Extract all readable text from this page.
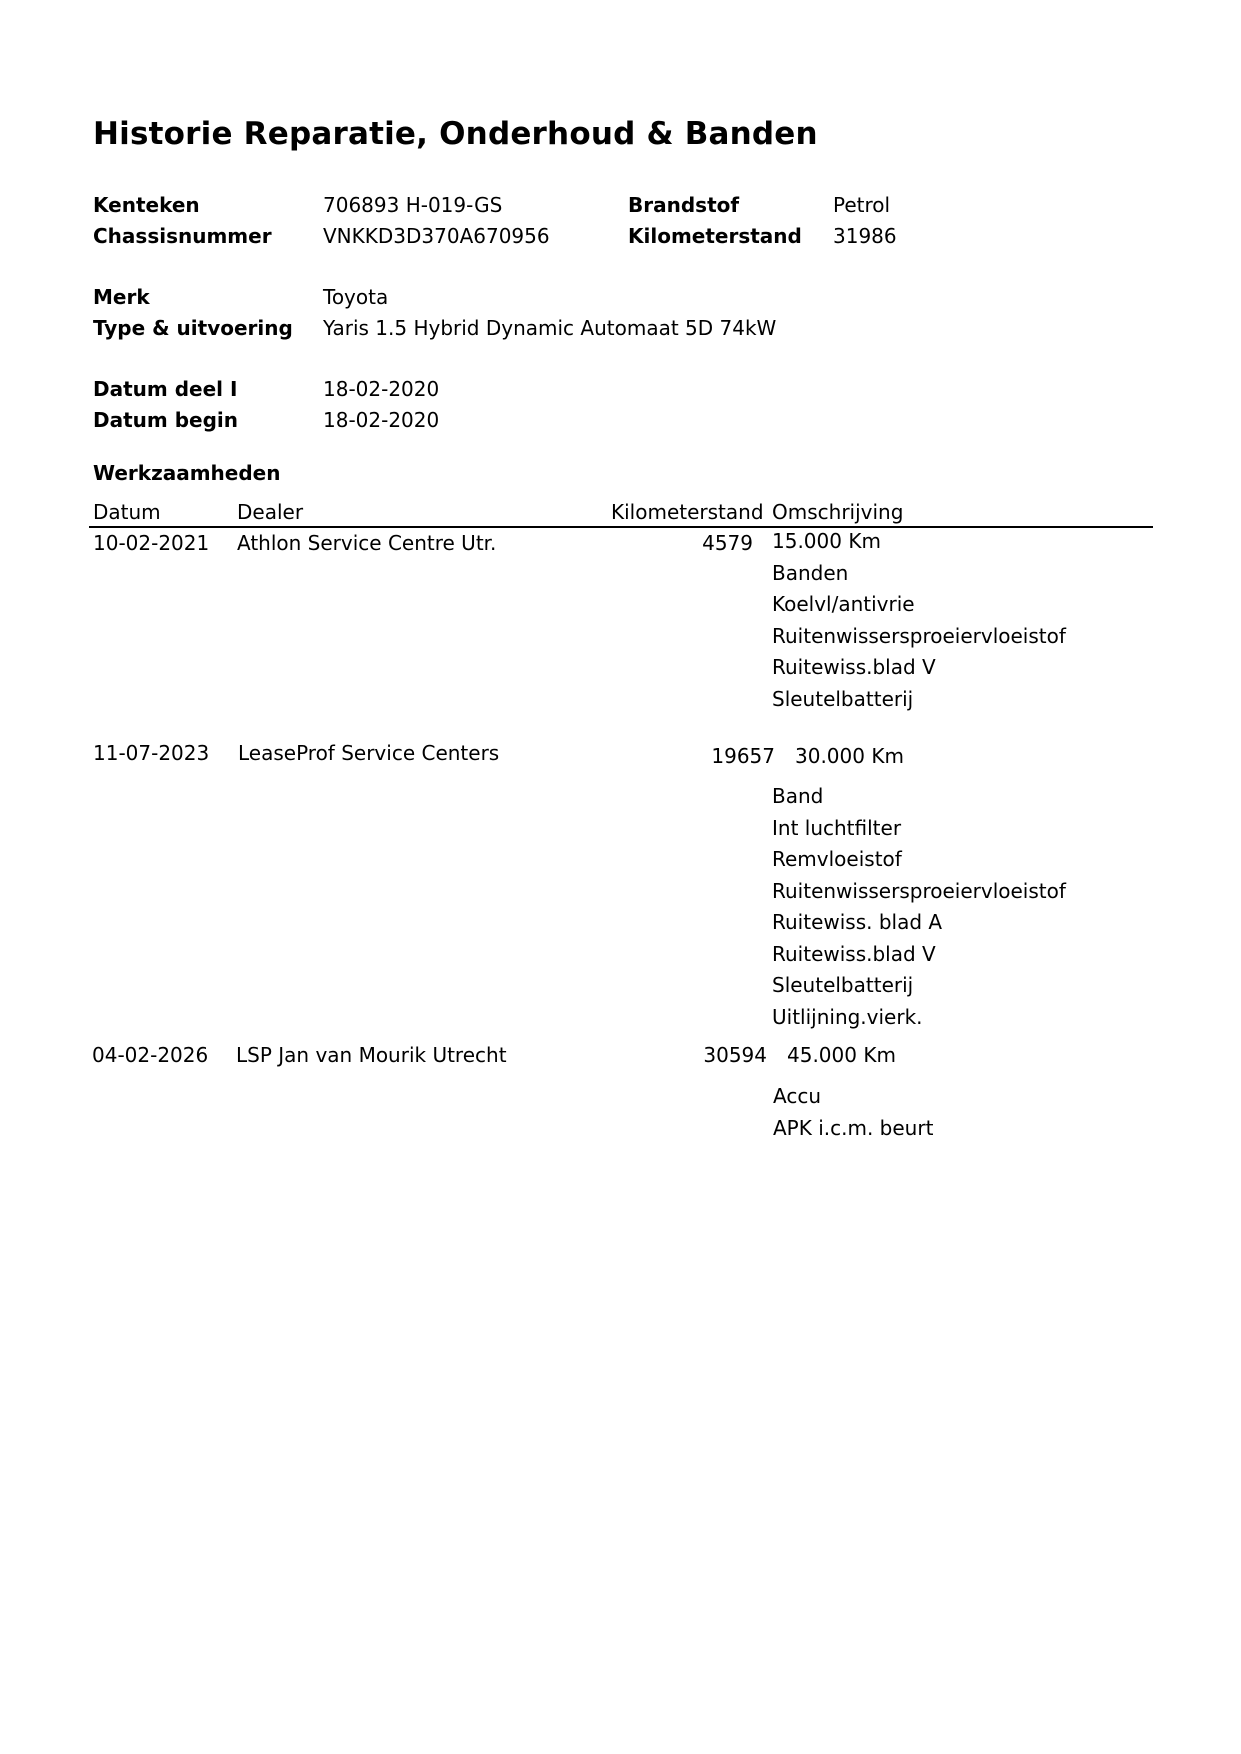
Historie Reparatie, Onderhoud & Banden
Kenteken	706893 H-019-GS	Brandstof	Petrol
Chassisnummer	VNKKD3D370A670956	Kilometerstand 31986
Merk	Toyota
Type & uitvoering Yaris 1.5 Hybrid Dynamic Automaat 5D 74kW
Datum deel I	18-02-2020
Datum begin	18-02-2020
Werkzaamheden
Datum	Dealer	Kilometerstand Omschrijving
10-02-2021 Athlon Service Centre Utr.	4579 15.000 Km
Banden
Koelvl/antivrie
Ruitenwissersproeiervloeistof
Ruitewiss.blad V
Sleutelbatterij
11-07-2023 LeaseProf Service Centers	19657 30.000 Km
Band
Int luchtfilter
Remvloeistof
Ruitenwissersproeiervloeistof
Ruitewiss. blad A
Ruitewiss.blad V
Sleutelbatterij
Uitlijning.vierk.
04-02-2026 LSP Jan van Mourik Utrecht	30594 45.000 Km
Accu
APK i.c.m. beurt
